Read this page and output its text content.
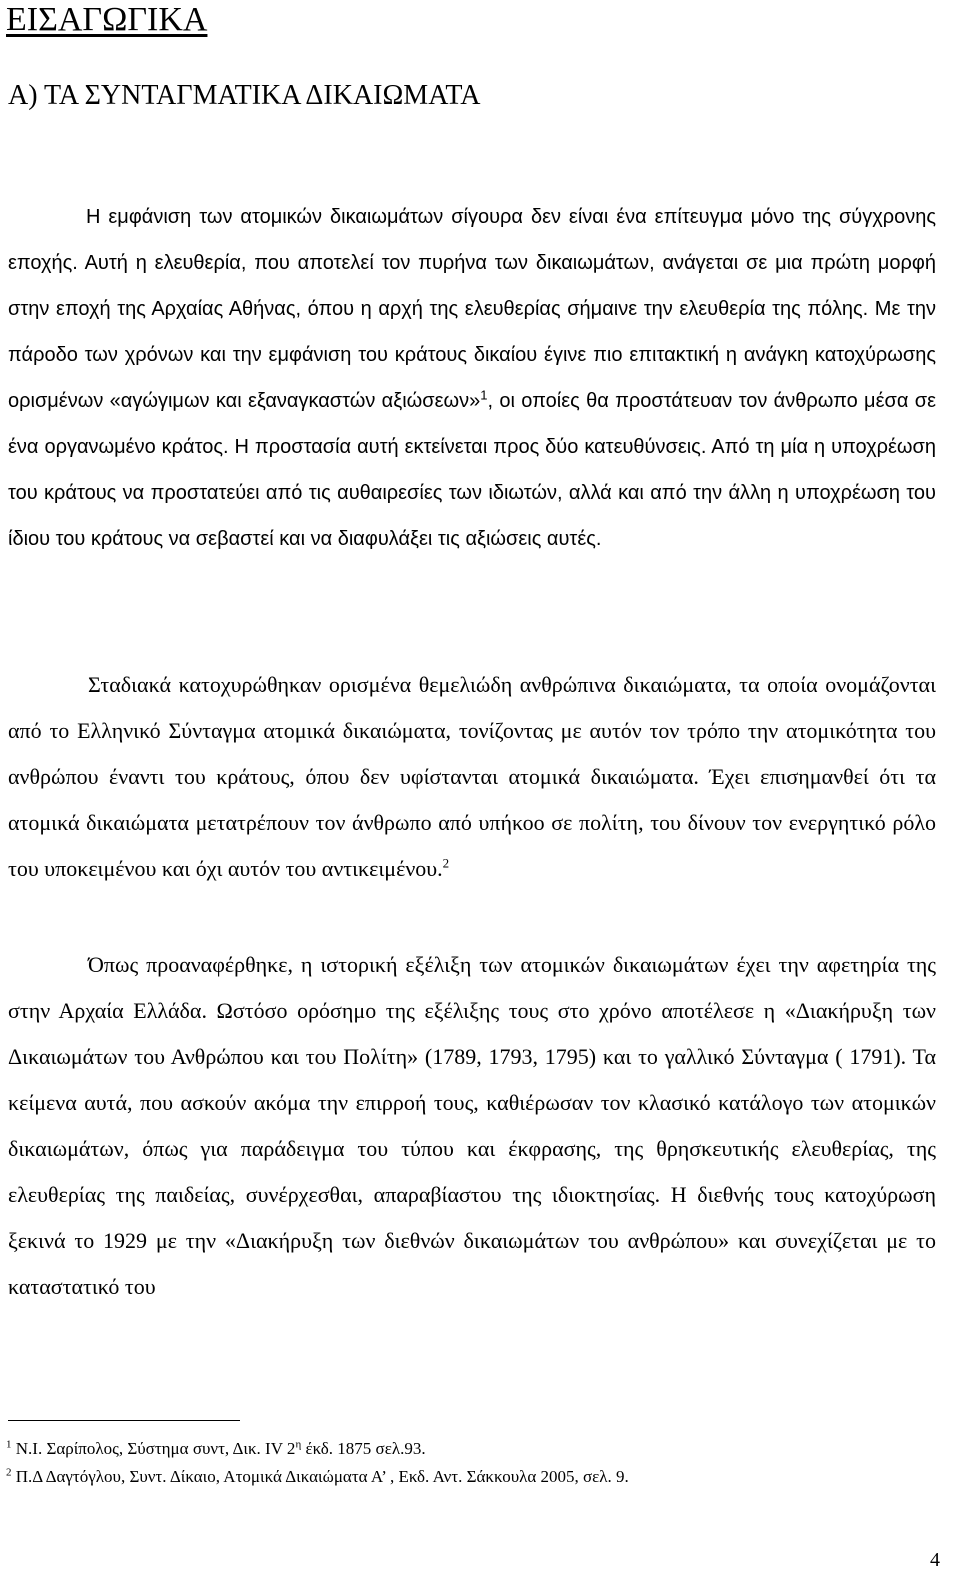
ΕΙΣΑΓΩΓΙΚΑ
Α) ΤΑ ΣΥΝΤΑΓΜΑΤΙΚΑ ΔΙΚΑΙΩΜΑΤΑ

Η εμφάνιση των ατομικών δικαιωμάτων σίγουρα δεν είναι ένα επίτευγμα μόνο της σύγχρονης εποχής. Αυτή η ελευθερία, που αποτελεί τον πυρήνα των δικαιωμάτων, ανάγεται σε μια πρώτη μορφή στην εποχή της Αρχαίας Αθήνας, όπου η αρχή της ελευθερίας σήμαινε την ελευθερία της πόλης. Με την πάροδο των χρόνων και την εμφάνιση του κράτους δικαίου έγινε πιο επιτακτική η ανάγκη κατοχύρωσης ορισμένων «αγώγιμων και εξαναγκαστών αξιώσεων»$^1$, οι οποίες θα προστάτευαν τον άνθρωπο μέσα σε ένα οργανωμένο κράτος. Η προστασία αυτή εκτείνεται προς δύο κατευθύνσεις. Από τη μία η υποχρέωση του κράτους να προστατεύει από τις αυθαιρεσίες των ιδιωτών, αλλά και από την άλλη η υποχρέωση του ίδιου του κράτους να σεβαστεί και να διαφυλάξει τις αξιώσεις αυτές.

Σταδιακά κατοχυρώθηκαν ορισμένα θεμελιώδη ανθρώπινα δικαιώματα, τα οποία ονομάζονται από το Ελληνικό Σύνταγμα ατομικά δικαιώματα, τονίζοντας με αυτόν τον τρόπο την ατομικότητα του ανθρώπου έναντι του κράτους, όπου δεν υφίστανται ατομικά δικαιώματα. Έχει επισημανθεί ότι τα ατομικά δικαιώματα μετατρέπουν τον άνθρωπο από υπήκοο σε πολίτη, του δίνουν τον ενεργητικό ρόλο του υποκειμένου και όχι αυτόν του αντικειμένου.$^2$

Όπως προαναφέρθηκε, η ιστορική εξέλιξη των ατομικών δικαιωμάτων έχει την αφετηρία της στην Αρχαία Ελλάδα. Ωστόσο ορόσημο της εξέλιξης τους στο χρόνο αποτέλεσε η «Διακήρυξη των Δικαιωμάτων του Ανθρώπου και του Πολίτη» (1789, 1793, 1795) και το γαλλικό Σύνταγμα ( 1791). Τα κείμενα αυτά, που ασκούν ακόμα την επιρροή τους, καθιέρωσαν τον κλασικό κατάλογο των ατομικών δικαιωμάτων, όπως για παράδειγμα του τύπου και έκφρασης, της θρησκευτικής ελευθερίας, της ελευθερίας της παιδείας, συνέρχεσθαι, απαραβίαστου της ιδιοκτησίας. Η διεθνής τους κατοχύρωση ξεκινά το 1929 με την «Διακήρυξη των διεθνών δικαιωμάτων του ανθρώπου» και συνεχίζεται με το καταστατικό του

$^1$ Ν.Ι. Σαρίπολος, Σύστημα συντ, Δικ. IV $2^\eta$ έκδ. 1875 σελ.93.

$^2$ Π.Δ Δαγτόγλου, Συντ. Δίκαιο, Ατομικά Δικαιώματα Α’ , Εκδ. Αντ. Σάκκουλα 2005, σελ. 9.

4
